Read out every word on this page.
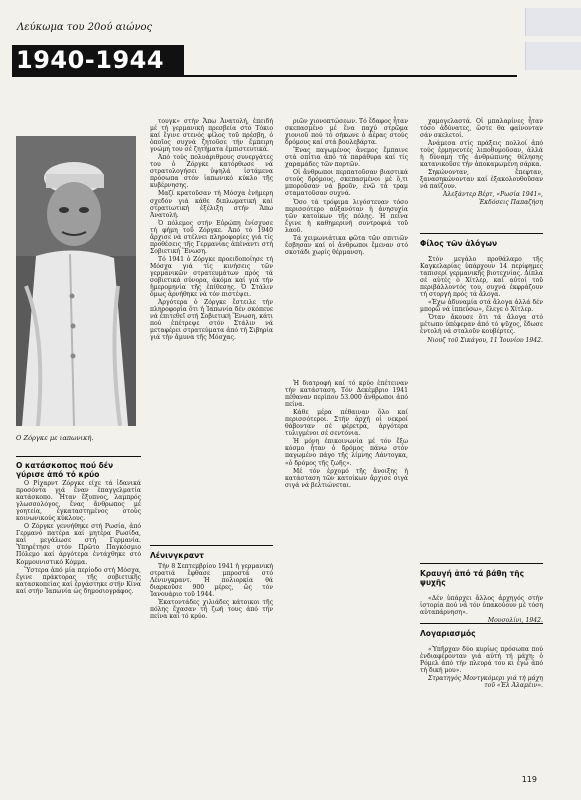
Λεύκωμα του 20ού αιώνος
1940-1944
Ο Ζόργκε με ιαπωνική.
Ο κατάσκοπος πού δέν γύρισε ἀπό τό κρύο

Ο Ρίχαρντ Ζόργκε είχε τά ἰδανικά προσόντα γιά ἕναν ἐπαγγελματία κατάσκοπο. Ἦταν ἔξυπνος, λαμπρός γλωσσολόγος, ἔνας ἄνθρωπος μέ γοητεία, ἐγκαταστημένος στούς κοινωνικούς κύκλους.

Ο Ζόργκε γεννήθηκε στή Ρωσία, ἀπό Γερμανό πατέρα καί μητέρα Ρωσίδα, καί μεγάλωσε στή Γερμανία. Ὑπηρέτησε στόν Πρῶτο Παγκόσμιο Πόλεμο καί ἀργότερα ἐντάχθηκε στό Κομμουνιστικό Κόμμα.

Ὕστερα ἀπό μία περίοδο στή Μόσχα, ἔγινε πράκτορας τῆς σοβιετικῆς κατασκοπείας καί ἐργάστηκε στήν Κίνα καί στήν Ἰαπωνία ὡς δημοσιογράφος.

τουγκ» στήν Ἄπω Ἀνατολή, ἐπειδή μέ τή γερμανική πρεσβεία στό Τόκιο καί ἔγινε στενός φίλος τοῦ πρέσβη, ὁ ὁποῖος συχνά ζητοῦσε τήν ἔμπειρη γνώμη του σέ ζητήματα ἐμπιστευτικά.

Ἀπό τούς πολυάριθμους συνεργάτες του ὁ Ζόργκε κατόρθωσε νά στρατολογήσει ὑψηλά ἱστάμενα πρόσωπα στόν ἰαπωνικό κύκλο τῆς κυβέρνησης.

Μαζί κρατοῦσαν τή Μόσχα ἐνήμερη σχεδόν γιά κάθε διπλωματική καί στρατιωτική ἐξέλιξη στήν Ἄπω Ἀνατολή.

Ὁ πόλεμος στήν Εὐρώπη ἐνίσχυσε τή φήμη τοῦ Ζόργκε. Ἀπό τό 1940 ἄρχισε νά στέλνει πληροφορίες γιά τίς προθέσεις τῆς Γερμανίας ἀπέναντι στή Σοβιετική Ἕνωση.

Τό 1941 ὁ Ζόργκε προειδοποίησε τή Μόσχα γιά τίς κινήσεις τῶν γερμανικῶν στρατευμάτων πρός τά σοβιετικά σύνορα, ἀκόμα καί γιά τήν ἡμερομηνία τῆς ἐπίθεσης. Ὁ Στάλιν ὅμως ἀρνήθηκε νά τόν πιστέψει.

Ἀργότερα ὁ Ζόργκε ἔστειλε τήν πληροφορία ὅτι ἡ Ἰαπωνία δέν σκόπευε νά ἐπιτεθεῖ στή Σοβιετική Ἕνωση, κάτι πού ἐπέτρεψε στόν Στάλιν νά μεταφέρει στρατεύματα ἀπό τή Σιβηρία γιά τήν ἄμυνα τῆς Μόσχας.

Λένινγκραντ

Τήν 8 Σεπτεμβρίου 1941 ἡ γερμανική στρατιά ἔφθασε μπροστά στό Λένινγκραντ. Ἡ πολιορκία θά διαρκοῦσε 900 μέρες, ὥς τόν Ἰανουάριο τοῦ 1944.

Ἐκατοντάδες χιλιάδες κάτοικοι τῆς πόλης ἔχασαν τή ζωή τους ἀπό τήν πείνα καί τό κρύο.

ριῶν χιονοπτώσεων. Τό ἔδαφος ἦταν σκεπασμένο μέ ἕνα παχύ στρῶμα χιονιοῦ πού τό σήκωνε ὁ ἀέρας στούς δρόμους καί στά βουλεβάρτα.

Ἕνας παγωμένος ἄνεμος ἔμπαινε στά σπίτια ἀπό τά παράθυρα καί τίς χαραμάδες τῶν πορτῶν.

Οἱ ἄνθρωποι περπατοῦσαν βιαστικά στούς δρόμους, σκεπασμένοι μέ ὅ,τι μποροῦσαν νά βροῦν, ἐνῶ τά τραμ σταματοῦσαν συχνά.

Ὅσο τά τρόφιμα λιγόστευαν τόσο περισσότερο αὐξανόταν ἡ ἀνησυχία τῶν κατοίκων τῆς πόλης. Ἡ πείνα ἔγινε ἡ καθημερινή συντροφιά τοῦ λαοῦ.

Τά χειμωνιάτικα φῶτα τῶν σπιτιῶν ἔσβησαν καί οἱ ἄνθρωποι ἔμεναν στό σκοτάδι χωρίς θέρμανση.

Ἡ διατροφή καί τό κρύο ἐπέτειναν τήν κατάσταση. Τόν Δεκέμβριο 1941 πέθαναν περίπου 53.000 ἄνθρωποι ἀπό πείνα.

Κάθε μέρα πέθαιναν ὅλο καί περισσότεροι. Στήν ἀρχή οἱ νεκροί θάβονταν σέ φέρετρα, ἀργότερα τυλιγμένοι σέ σεντόνια.

Ἡ μόνη ἐπικοινωνία μέ τόν ἔξω κόσμο ἦταν ὁ δρόμος πάνω στόν παγωμένο πάγο τῆς λίμνης Λάντογκα, «ὁ δρόμος τῆς ζωῆς».

Μέ τόν ἐρχομό τῆς ἄνοιξης ἡ κατάσταση τῶν κατοίκων ἄρχισε σιγά σιγά νά βελτιώνεται.

χαμογελαστά. Οἱ μπαλαρίνες ἦταν τόσο ἀδύνατες, ὥστε θα φαίνονταν σάν σκελετοί.

Ἀνάμεσα στίς πράξεις πολλοί ἀπό τούς ἐρμηνευτές λιποθυμοῦσαν, ἀλλά ἡ δύναμη τῆς ἀνθρώπινης θέλησης κατανικοῦσε τήν ἀποκαμωμένη σάρκα.

Σηκώνονταν, ἔπεφταν, ξανασηκώνονταν καί ἐξακολουθοῦσαν νά παίζουν.

Ἀλεξάντερ Βέρτ, «Ρωσία 1941», Ἐκδόσεις Παπαζήση
Φίλος τῶν ἀλόγων

Στόν μεγάλο προθάλαμο τῆς Καγκελαρίας ὑπάρχουν 14 περίφημες ταπισερί γερμανικῆς βιοτεχνίας. Δίπλα σέ αὐτές ὁ Χίτλερ, καί αὐτοί τοῦ περιβάλλοντός του, συχνά ἐκφράζουν τή στοργή πρός τά ἄλογα.

«Ἐχω ἀδυναμία στά ἄλογα ἀλλά δέν μπορῶ νά ἱππεύσω», ἔλεγε ὁ Χίτλερ.

Ὅταν ἄκουσε ὅτι τά ἄλογα στό μέτωπο ὑπέφεραν ἀπό τό ψῦχος, ἔδωσε ἐντολή νά σταλοῦν κουβέρτες.

Νιουζ τοῦ Σικάγου, 11 Ἰουνίου 1942.
Κραυγή ἀπό τά βάθη τῆς ψυχῆς

«Δέν ὑπάρχει ἄλλος ἀρχηγός στήν ἱστορία πού νά τόν ὑπακούουν μέ τόση αὐταπάρνηση».

Μουσολίνι, 1942.
Λογαριασμός

«Ὑπῆρχαν δύο κυρίως πρόσωπα πού ἐνδιαφέρονταν γιά αὐτή τή μάχη: ὁ Ρόμελ ἀπό τήν πλευρά του κι ἐγώ ἀπό τή δική μου».

Στρατηγός Μοντγκόμερι γιά τή μάχη τοῦ «Ἐλ Ἀλαμέιν».
119
